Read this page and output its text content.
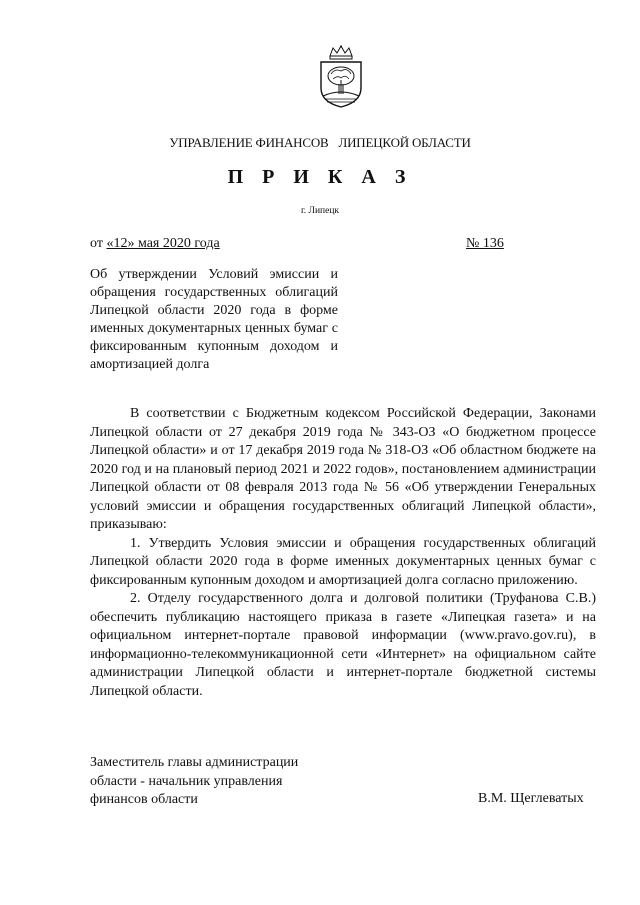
УПРАВЛЕНИЕ ФИНАНСОВ ЛИПЕЦКОЙ ОБЛАСТИ
П Р И К А З
г. Липецк
от «12» мая 2020 года	№ 136
Об утверждении Условий эмиссии и обращения государственных облигаций Липецкой области 2020 года в форме именных документарных ценных бумаг с фиксированным купонным доходом и амортизацией долга

В соответствии с Бюджетным кодексом Российской Федерации, Законами Липецкой области от 27 декабря 2019 года № 343-ОЗ «О бюджетном процессе Липецкой области» и от 17 декабря 2019 года № 318-ОЗ «Об областном бюджете на 2020 год и на плановый период 2021 и 2022 годов», постановлением администрации Липецкой области от 08 февраля 2013 года № 56 «Об утверждении Генеральных условий эмиссии и обращения государственных облигаций Липецкой области», приказываю:

1. Утвердить Условия эмиссии и обращения государственных облигаций Липецкой области 2020 года в форме именных документарных ценных бумаг с фиксированным купонным доходом и амортизацией долга согласно приложению.

2. Отделу государственного долга и долговой политики (Труфанова С.В.) обеспечить публикацию настоящего приказа в газете «Липецкая газета» и на официальном интернет-портале правовой информации (www.pravo.gov.ru), в информационно-телекоммуникационной сети «Интернет» на официальном сайте администрации Липецкой области и интернет-портале бюджетной системы Липецкой области.

Заместитель главы администрации
области - начальник управления
финансов области	В.М. Щеглеватых
